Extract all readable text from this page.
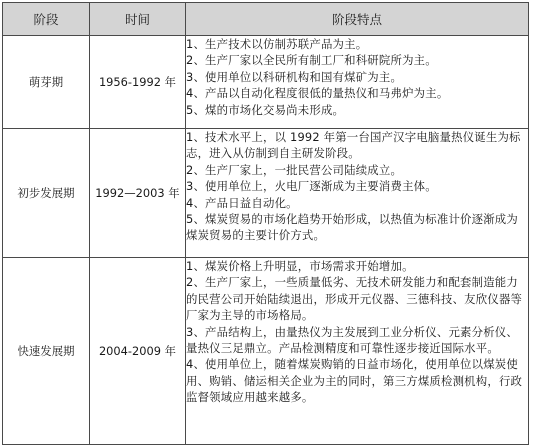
阶段	时间	阶段特点
萌芽期	1956-1992 年	1、生产技术以仿制苏联产品为主。
2、生产厂家以全民所有制工厂和科研院所为主。
3、使用单位以科研机构和国有煤矿为主。
4、产品以自动化程度很低的量热仪和马弗炉为主。
5、煤的市场化交易尚未形成。

初步发展期	1992—2003 年	1、技术水平上，以 1992 年第一台国产汉字电脑量热仪诞生为标志，进入从仿制到自主研发阶段。
2、生产厂家上，一批民营公司陆续成立。
3、使用单位上，火电厂逐渐成为主要消费主体。
4、产品日益自动化。
5、煤炭贸易的市场化趋势开始形成，以热值为标准计价逐渐成为煤炭贸易的主要计价方式。

快速发展期	2004-2009 年	1、煤炭价格上升明显，市场需求开始增加。
2、生产厂家上，一些质量低劣、无技术研发能力和配套制造能力的民营公司开始陆续退出，形成开元仪器、三德科技、友欣仪器等厂家为主导的市场格局。
3、产品结构上，由量热仪为主发展到工业分析仪、元素分析仪、量热仪三足鼎立。产品检测精度和可靠性逐步接近国际水平。
4、使用单位上，随着煤炭购销的日益市场化，使用单位以煤炭使用、购销、储运相关企业为主的同时，第三方煤质检测机构，行政监督领域应用越来越多。
